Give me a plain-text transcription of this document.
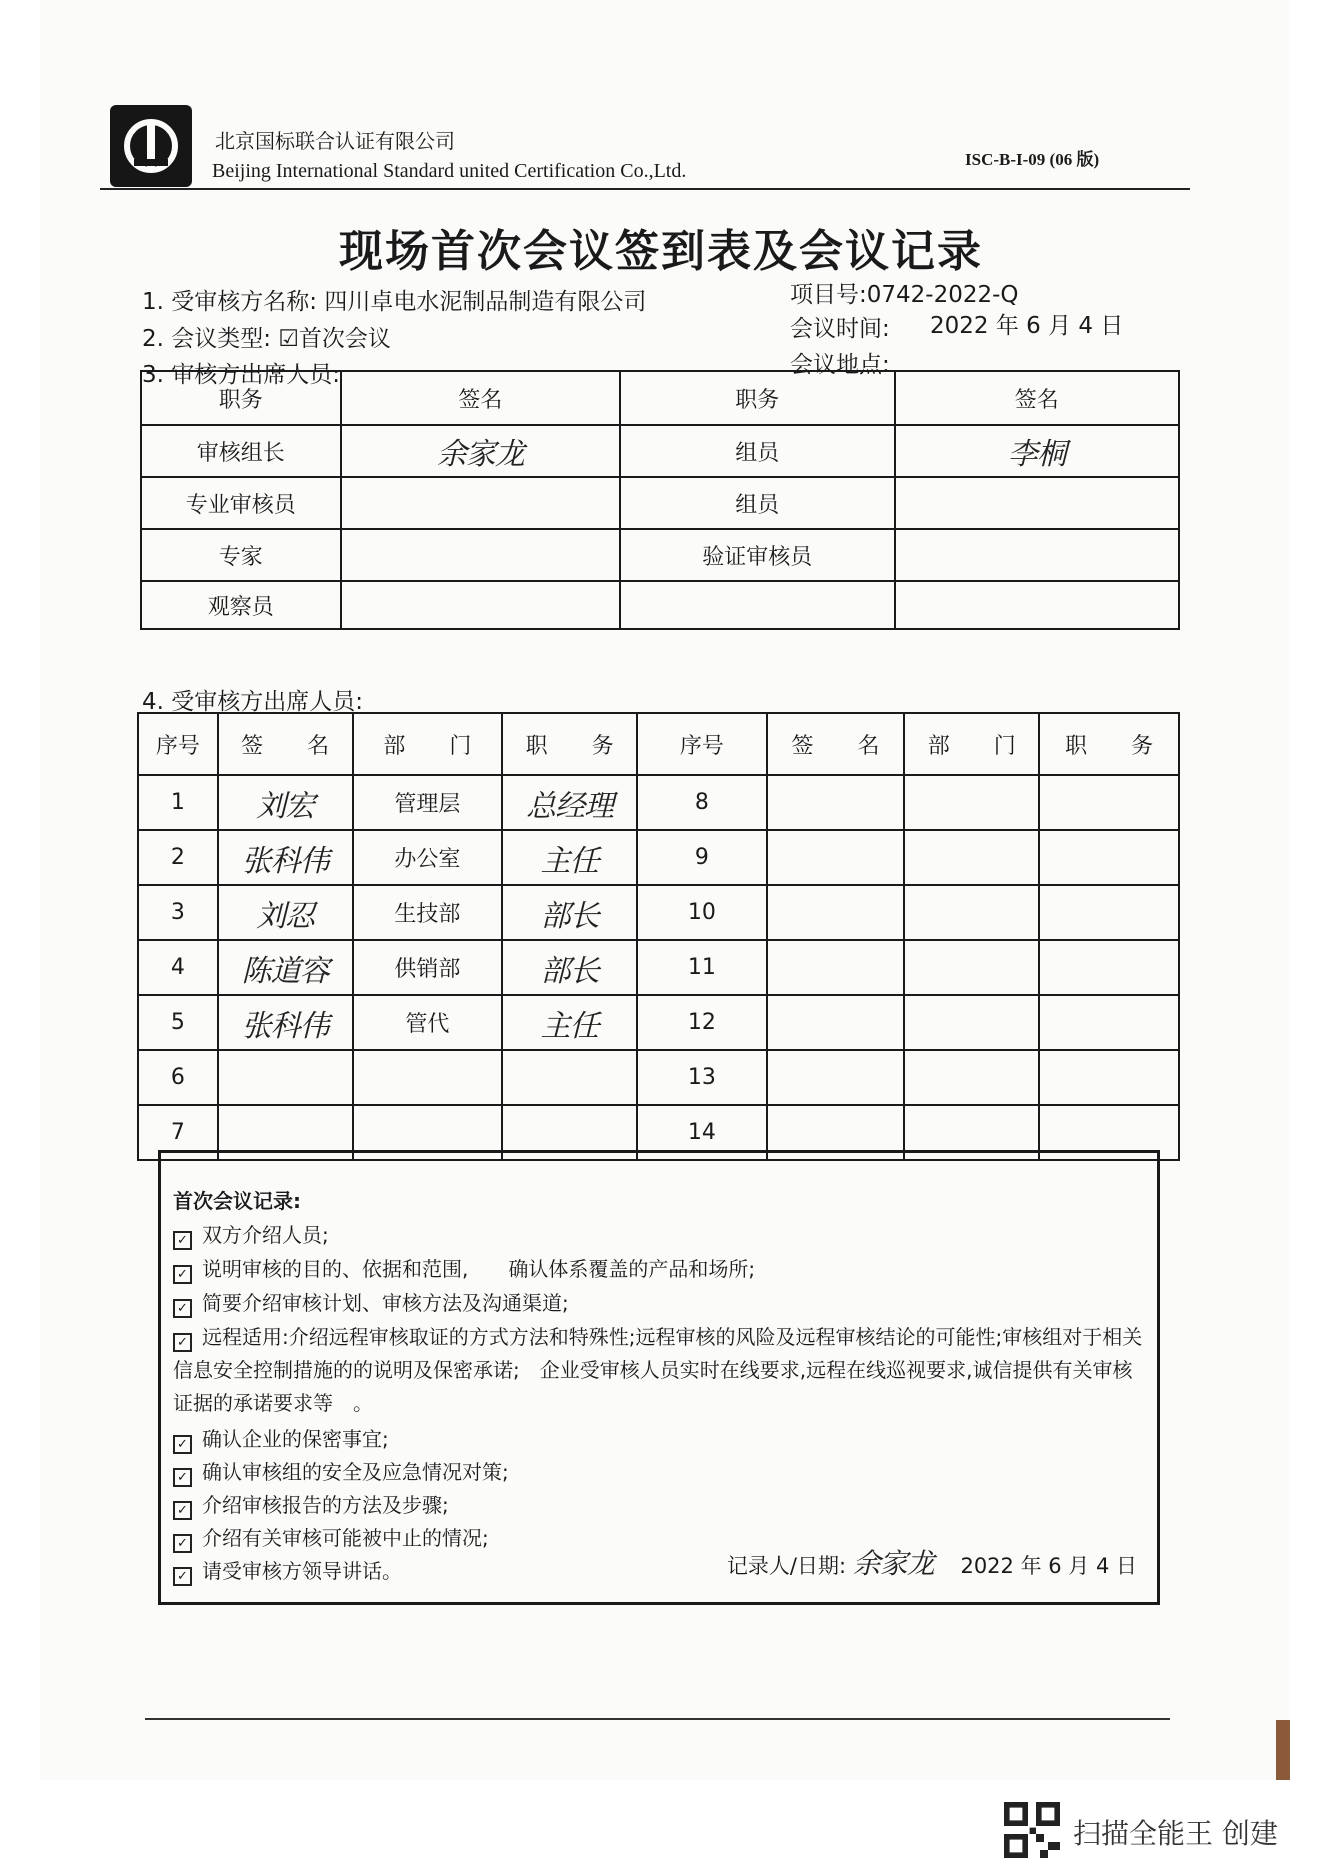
北京国标联合认证有限公司
Beijing International Standard united Certification Co.,Ltd.
ISC-B-I-09 (06 版)
现场首次会议签到表及会议记录
1. 受审核方名称: 四川卓电水泥制品制造有限公司	项目号:0742-2022-Q
2. 会议类型: ☑首次会议	会议时间: 2022 年 6 月 4 日
3. 审核方出席人员:	会议地点:
职务	签名	职务	签名
审核组长	余家龙	组员	李桐
专业审核员		组员	
专家		验证审核员	
观察员			
4. 受审核方出席人员:
序号	签　　名	部　　门	职　　务	序号	签　　名	部　　门	职　　务
1	刘宏	管理层	总经理	8			
2	张科伟	办公室	主任	9			
3	刘忍	生技部	部长	10			
4	陈道容	供销部	部长	11			
5	张科伟	管代	主任	12			
6				13			
7				14			
首次会议记录:
✓ 双方介绍人员;
✓ 说明审核的目的、依据和范围,　　确认体系覆盖的产品和场所;
✓ 简要介绍审核计划、审核方法及沟通渠道;
✓ 远程适用:介绍远程审核取证的方式方法和特殊性;远程审核的风险及远程审核结论的可能性;审核组对于相关信息安全控制措施的的说明及保密承诺;　企业受审核人员实时在线要求,远程在线巡视要求,诚信提供有关审核证据的承诺要求等　。
✓ 确认企业的保密事宜;
✓ 确认审核组的安全及应急情况对策;
✓ 介绍审核报告的方法及步骤;
✓ 介绍有关审核可能被中止的情况;
✓ 请受审核方领导讲话。	记录人/日期: 余家龙 2022 年 6 月 4 日
扫描全能王 创建
